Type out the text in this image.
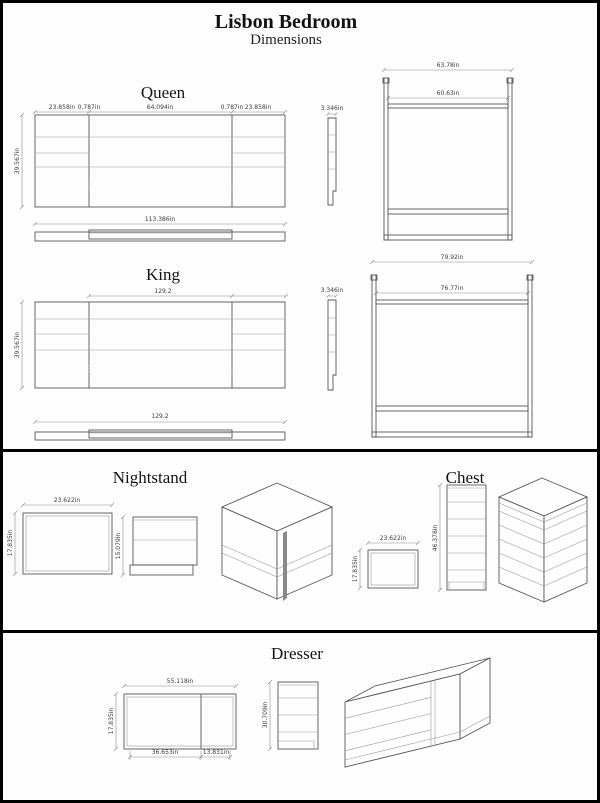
Lisbon Bedroom
Dimensions
Queen
23.858in 0.787in	64.094in	0.787in 23.858in
39.567in
113.386in
3.346in
63.78in
60.63in
King
129.2
39.567in
129.2
3.346in
79.92in
76.77in
Nightstand
23.622in
17.835in	15.079in
Chest
23.622in
17.835in
46.378in
Dresser
55.118in
17.835in
36.653in	13.831in
30.709in
